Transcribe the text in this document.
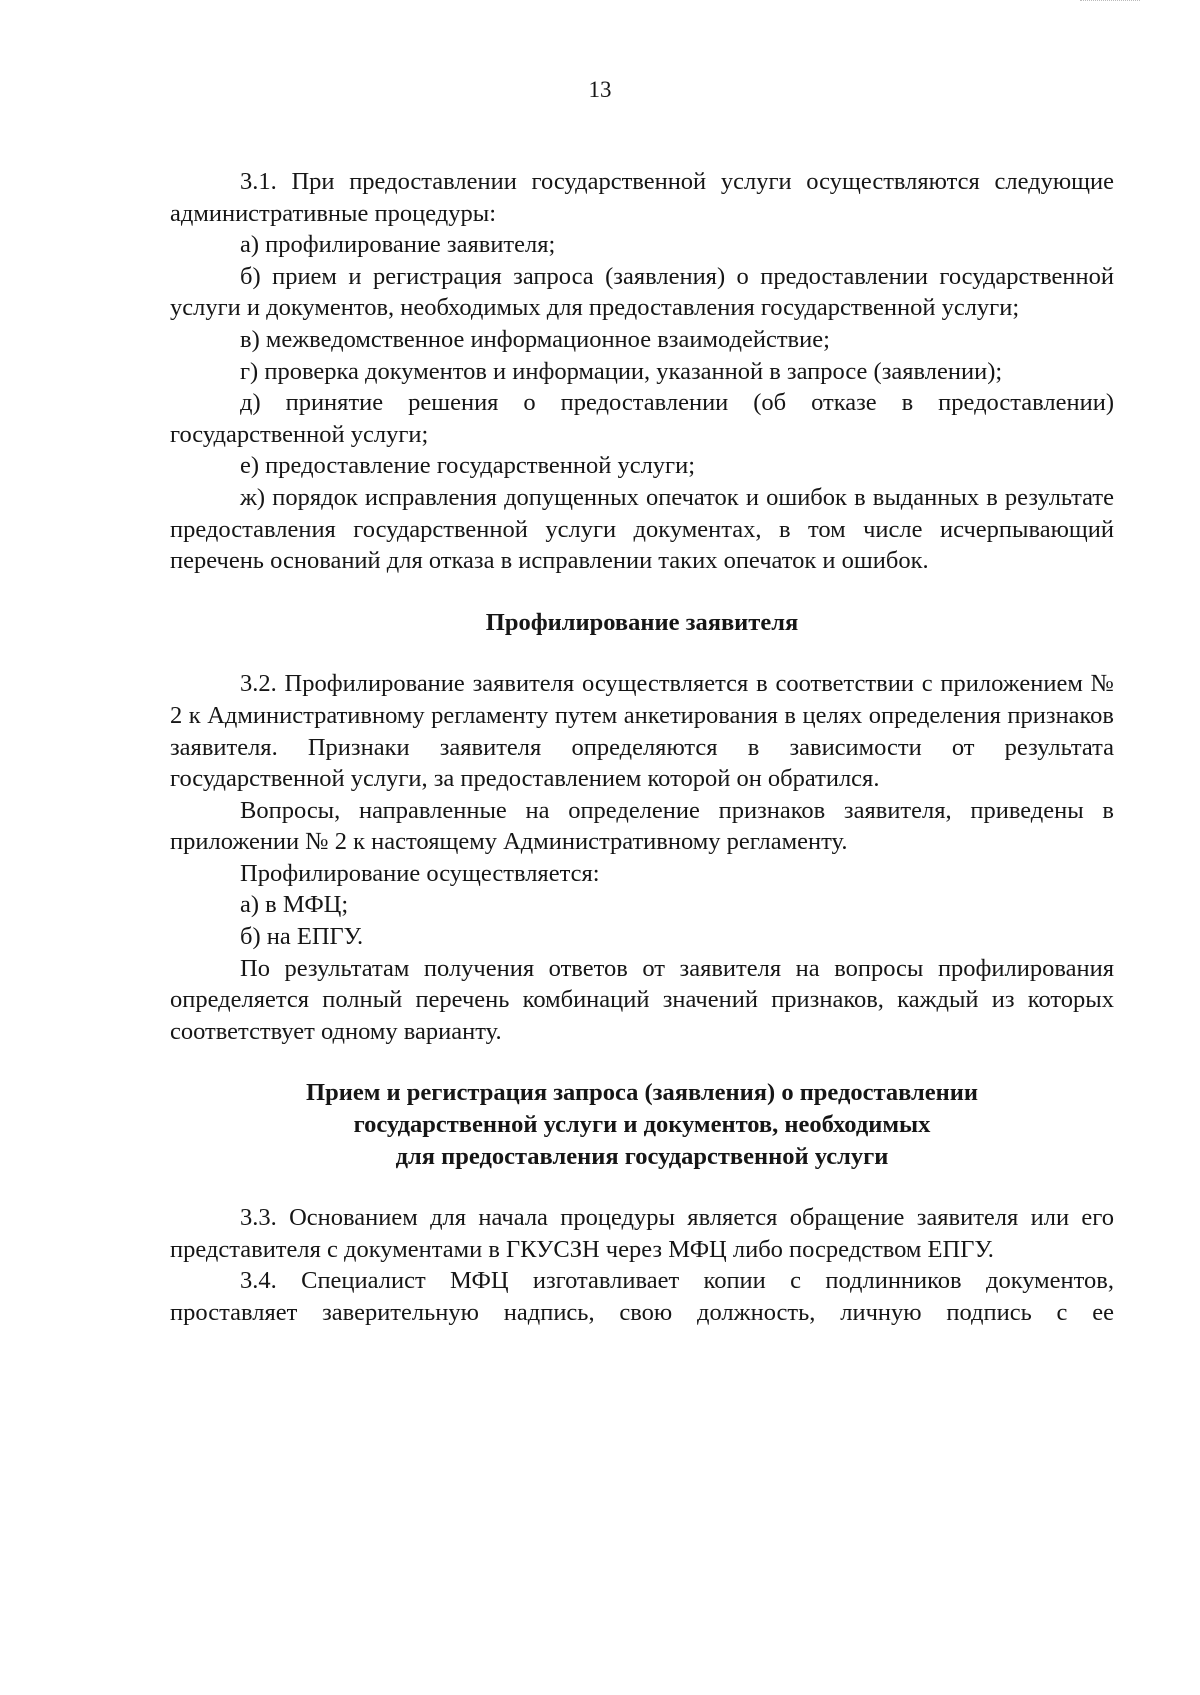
13

3.1. При предоставлении государственной услуги осуществляются следующие административные процедуры:

а) профилирование заявителя;

б) прием и регистрация запроса (заявления) о предоставлении государственной услуги и документов, необходимых для предоставления государственной услуги;

в) межведомственное информационное взаимодействие;

г) проверка документов и информации, указанной в запросе (заявлении);

д) принятие решения о предоставлении (об отказе в предоставлении) государственной услуги;

е) предоставление государственной услуги;

ж) порядок исправления допущенных опечаток и ошибок в выданных в результате предоставления государственной услуги документах, в том числе исчерпывающий перечень оснований для отказа в исправлении таких опечаток и ошибок.

Профилирование заявителя

3.2. Профилирование заявителя осуществляется в соответствии с приложением № 2 к Административному регламенту путем анкетирования в целях определения признаков заявителя. Признаки заявителя определяются в зависимости от результата государственной услуги, за предоставлением которой он обратился.

Вопросы, направленные на определение признаков заявителя, приведены в приложении № 2 к настоящему Административному регламенту.

Профилирование осуществляется:

а) в МФЦ;

б) на ЕПГУ.

По результатам получения ответов от заявителя на вопросы профилирования определяется полный перечень комбинаций значений признаков, каждый из которых соответствует одному варианту.

Прием и регистрация запроса (заявления) о предоставлении
государственной услуги и документов, необходимых
для предоставления государственной услуги

3.3. Основанием для начала процедуры является обращение заявителя или его представителя с документами в ГКУСЗН через МФЦ либо посредством ЕПГУ.

3.4. Специалист МФЦ изготавливает копии с подлинников документов, проставляет заверительную надпись, свою должность, личную подпись с ее
